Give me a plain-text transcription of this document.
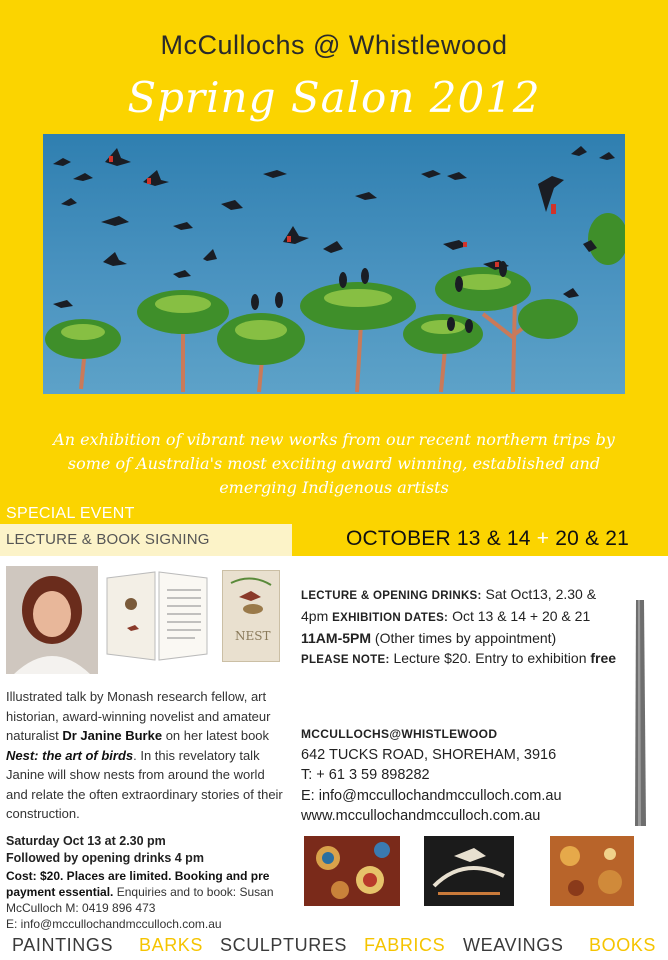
McCullochs @ Whistlewood
Spring Salon 2012
An exhibition of vibrant new works from our recent northern trips by some of Australia's most exciting award winning, established and emerging Indigenous artists
SPECIAL EVENT
LECTURE & BOOK SIGNING	OCTOBER 13 & 14 + 20 & 21
NEST
Illustrated talk by Monash research fellow, art historian, award-winning novelist and amateur naturalist Dr Janine Burke on her latest book Nest: the art of birds. In this revelatory talk Janine will show nests from around the world and relate the often extraordinary stories of their construction.
Saturday Oct 13 at 2.30 pm
Followed by opening drinks 4 pm
Cost: $20. Places are limited. Booking and pre payment essential. Enquiries and to book: Susan McCulloch M: 0419 896 473
E: info@mccullochandmcculloch.com.au
LECTURE & OPENING DRINKS: Sat Oct13, 2.30 & 4pm EXHIBITION DATES: Oct 13 & 14 + 20 & 21
11AM-5PM (Other times by appointment)
PLEASE NOTE: Lecture $20. Entry to exhibition free
MCCULLOCHS@WHISTLEWOOD
642 TUCKS ROAD, SHOREHAM, 3916
T: + 61 3 59 898282
E: info@mccullochandmcculloch.com.au
www.mccullochandmcculloch.com.au
PAINTINGS BARKS SCULPTURES FABRICS WEAVINGS BOOKS
